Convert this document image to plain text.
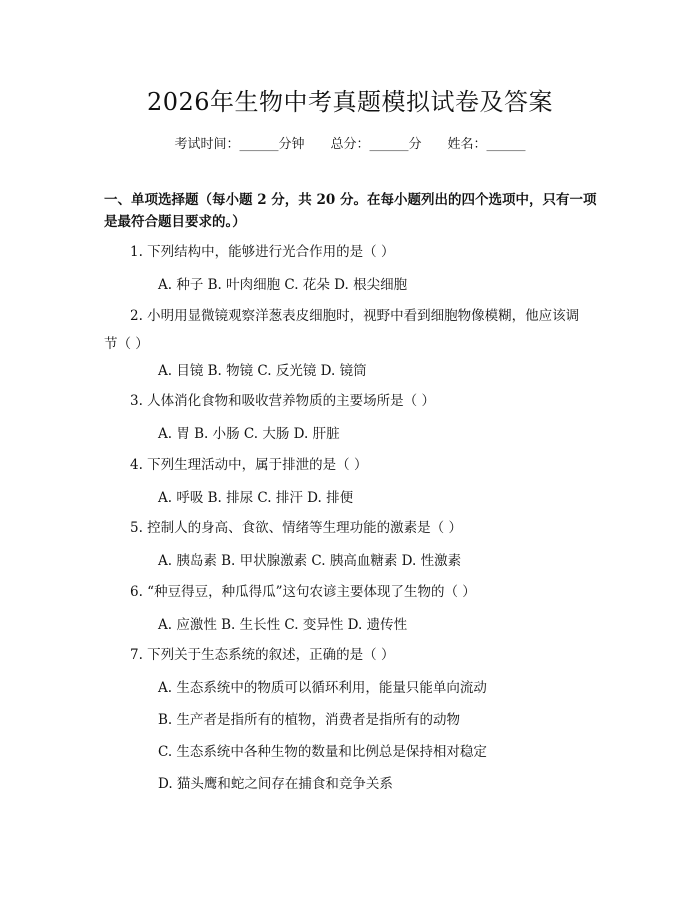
2026年生物中考真题模拟试卷及答案
考试时间：______分钟 总分：______分 姓名：______
一、单项选择题（每小题 2 分，共 20 分。在每小题列出的四个选项中，只有一项
是最符合题目要求的。）
1. 下列结构中，能够进行光合作用的是（ ）
A. 种子 B. 叶肉细胞 C. 花朵 D. 根尖细胞
2. 小明用显微镜观察洋葱表皮细胞时，视野中看到细胞物像模糊，他应该调
节（ ）
A. 目镜 B. 物镜 C. 反光镜 D. 镜筒
3. 人体消化食物和吸收营养物质的主要场所是（ ）
A. 胃 B. 小肠 C. 大肠 D. 肝脏
4. 下列生理活动中，属于排泄的是（ ）
A. 呼吸 B. 排尿 C. 排汗 D. 排便
5. 控制人的身高、食欲、情绪等生理功能的激素是（ ）
A. 胰岛素 B. 甲状腺激素 C. 胰高血糖素 D. 性激素
6. “种豆得豆，种瓜得瓜”这句农谚主要体现了生物的（ ）
A. 应激性 B. 生长性 C. 变异性 D. 遗传性
7. 下列关于生态系统的叙述，正确的是（ ）
A. 生态系统中的物质可以循环利用，能量只能单向流动
B. 生产者是指所有的植物，消费者是指所有的动物
C. 生态系统中各种生物的数量和比例总是保持相对稳定
D. 猫头鹰和蛇之间存在捕食和竞争关系
